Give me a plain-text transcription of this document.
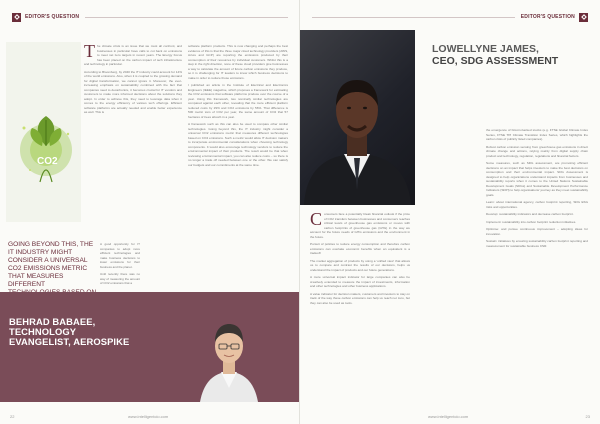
EDITOR'S QUESTION
CO2

The climate crisis is an issue that we must all confront, and businesses in particular have calls to cut back on emissions to meet net zero targets in recent years. The Energy Focus has been placed on the carbon impact of tech infrastructure and technology in particular.

According to Bloomberg, by 2040 the IT industry could account for 14% of the world emissions. Also, when it is coupled to the growing demand for digital transformation, we cannot ignore it. Moreover, the ever-increasing emphasis on sustainability combined with the fact that companies need to decarbonize, it becomes crucial for IT vendors and customers to make more informed decisions about the solutions they adopt. In order to achieve this, they need to leverage data when it comes to the energy efficiency of various tech offerings. Efficient software platforms are actually needed and enable better experience as well. This is

software platform products. This is now changing and perhaps the best evidence of this is that the three major cloud technology providers (AWS, Azure and GCP) are reporting the emissions produced by their consumption of their resources by individual customers. Whilst this is a step in the right direction, none of these cloud providers give businesses a way to calculate the amount of future carbon emissions they produce, so it is challenging for IT leaders to know which business decisions to make in order to reduce those emissions.

I published an article in the Institute of Electrical and Electronics Engineers (IEEE) magazine, which proposes a framework for estimating the CO2 emissions that software platforms produce over the course of a year. Using this framework, two nominally similar technologies are compared against each other, revealing that the more efficient platform reduced costs by 29% and CO2 emissions by 56%. That difference is 500 metric tons of CO2 per year, the same amount of CO2 that 57 hectares of trees absorb in a year.

A framework such as this can also be used to compare other similar technologies. Going beyond this, the IT industry might consider a universal CO2 emissions metric that measures different technologies based on CO2 emissions. Such a metric would allow IT decision makers to incorporate environmental considerations when choosing technology components. It would also encourage technology vendors to reduce the environmental impact of their products. The result would be that when reviewing environmental impact, you can also reduce costs – so there is no longer a trade off needed between one or the other. We can satisfy our budgets and our commitments at the same time.

GOING BEYOND THIS, THE IT INDUSTRY MIGHT CONSIDER A UNIVERSAL CO2 EMISSIONS METRIC THAT MEASURES DIFFERENT

A good opportunity for IT companies to adopt more efficient technologies and make business decisions to lower emissions for their business and the planet.

Until recently there was no way of measuring the amount of CO2 emissions that a

BEHRAD BABAEE,
TECHNOLOGY
EVANGELIST, AEROSPIKE
22	www.intelligentcio.com
EDITOR'S QUESTION
LOWELLYNE JAMES,
CEO, SDG ASSESSMENT

Consumers face a potentially bleak financial outlook if the price of CO2 transfers between businesses and consumers reaches critical levels of greenhouse gas emissions or moves with carbon footprints of greenhouse gas (GHG) in the way we account for the future needs of GHG emissions and the environment in the future.

Pursuit of policies to reduce energy consumption and therefore carbon emissions can overtake economic benefits when an equivalent is a tradeoff.

The market aggregation of products by using a 'unified view' that allows us to compare and contrast the results of our decisions, helps us understand the impact of products and our future generations.

A more universal impact indicator for large companies can also be creatively extended to measure the impact of investments, information and other technologies and other business applications.

A value indicator for decision makers, customers and investors to stay on track of the way these carbon emissions can help us reach net zero, but they can also be used as tools.

the emergence of bitcoin-backed stocks (e.g. FTSE Global Climate Index Series, FTSE TPI Climate Transition Index Series, which highlights the carbon risks of publicly listed companies).

Robust carbon emission sensing from greenhouse gas emissions in direct climate change and actions, relying mainly from digital supply chain product and technology, regulation, regulations and financial factors.

Some measures, such as SDG assessment, are promoting efficient decisions on an impact that helps investors to make the best decisions on consumption and their environmental impact. SDG Assessment is designed to help organizations understand impacts from businesses and sustainability reports when it comes to the United Nations Sustainable Development Goals (SDGs) and Sustainable Development Performance Indicators (SDPI) to help organisations' journey as they meet sustainability goals.

Learn: about international agency, carbon footprint reporting, SDG ESG risks and opportunities.

Develop: sustainability indicators and decrease carbon footprint.

Implement: sustainability into carbon footprint reduction initiatives.

Optimise: and pursue continuous improvement – adopting ideas for innovation.

Sustain: initiatives by ensuring sustainability carbon footprint reporting and measurement for sustainable business CSR.

www.intelligentcio.com	23
